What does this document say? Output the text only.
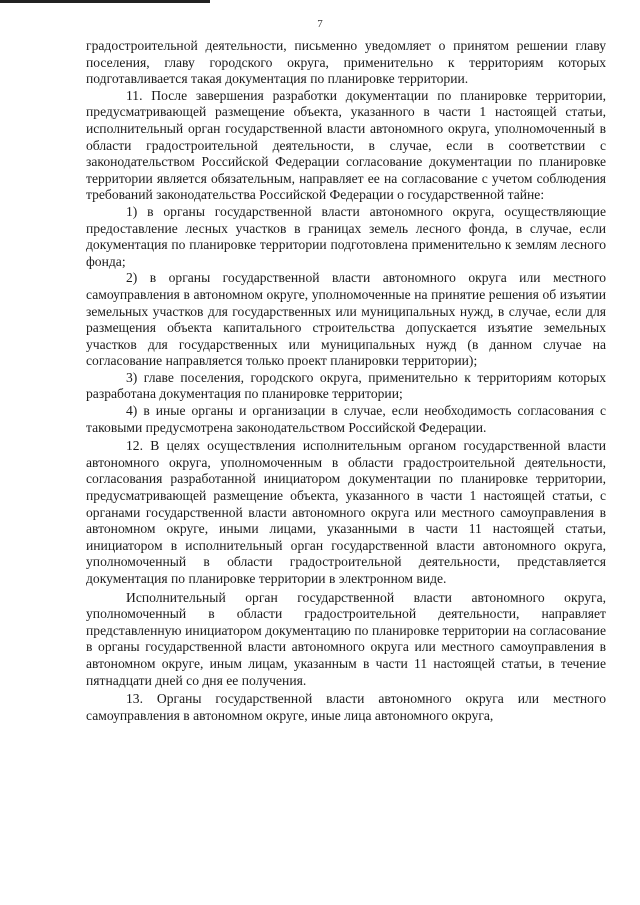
7

градостроительной деятельности, письменно уведомляет о принятом решении главу поселения, главу городского округа, применительно к территориям которых подготавливается такая документация по планировке территории.

11. После завершения разработки документации по планировке территории, предусматривающей размещение объекта, указанного в части 1 настоящей статьи, исполнительный орган государственной власти автономного округа, уполномоченный в области градостроительной деятельности, в случае, если в соответствии с законодательством Российской Федерации согласование документации по планировке территории является обязательным, направляет ее на согласование с учетом соблюдения требований законодательства Российской Федерации о государственной тайне:

1) в органы государственной власти автономного округа, осуществляющие предоставление лесных участков в границах земель лесного фонда, в случае, если документация по планировке территории подготовлена применительно к землям лесного фонда;

2) в органы государственной власти автономного округа или местного самоуправления в автономном округе, уполномоченные на принятие решения об изъятии земельных участков для государственных или муниципальных нужд, в случае, если для размещения объекта капитального строительства допускается изъятие земельных участков для государственных или муниципальных нужд (в данном случае на согласование направляется только проект планировки территории);

3) главе поселения, городского округа, применительно к территориям которых разработана документация по планировке территории;

4) в иные органы и организации в случае, если необходимость согласования с таковыми предусмотрена законодательством Российской Федерации.

12. В целях осуществления исполнительным органом государственной власти автономного округа, уполномоченным в области градостроительной деятельности, согласования разработанной инициатором документации по планировке территории, предусматривающей размещение объекта, указанного в части 1 настоящей статьи, с органами государственной власти автономного округа или местного самоуправления в автономном округе, иными лицами, указанными в части 11 настоящей статьи, инициатором в исполнительный орган государственной власти автономного округа, уполномоченный в области градостроительной деятельности, представляется документация по планировке территории в электронном виде.

Исполнительный орган государственной власти автономного округа, уполномоченный в области градостроительной деятельности, направляет представленную инициатором документацию по планировке территории на согласование в органы государственной власти автономного округа или местного самоуправления в автономном округе, иным лицам, указанным в части 11 настоящей статьи, в течение пятнадцати дней со дня ее получения.

13. Органы государственной власти автономного округа или местного самоуправления в автономном округе, иные лица автономного округа,
